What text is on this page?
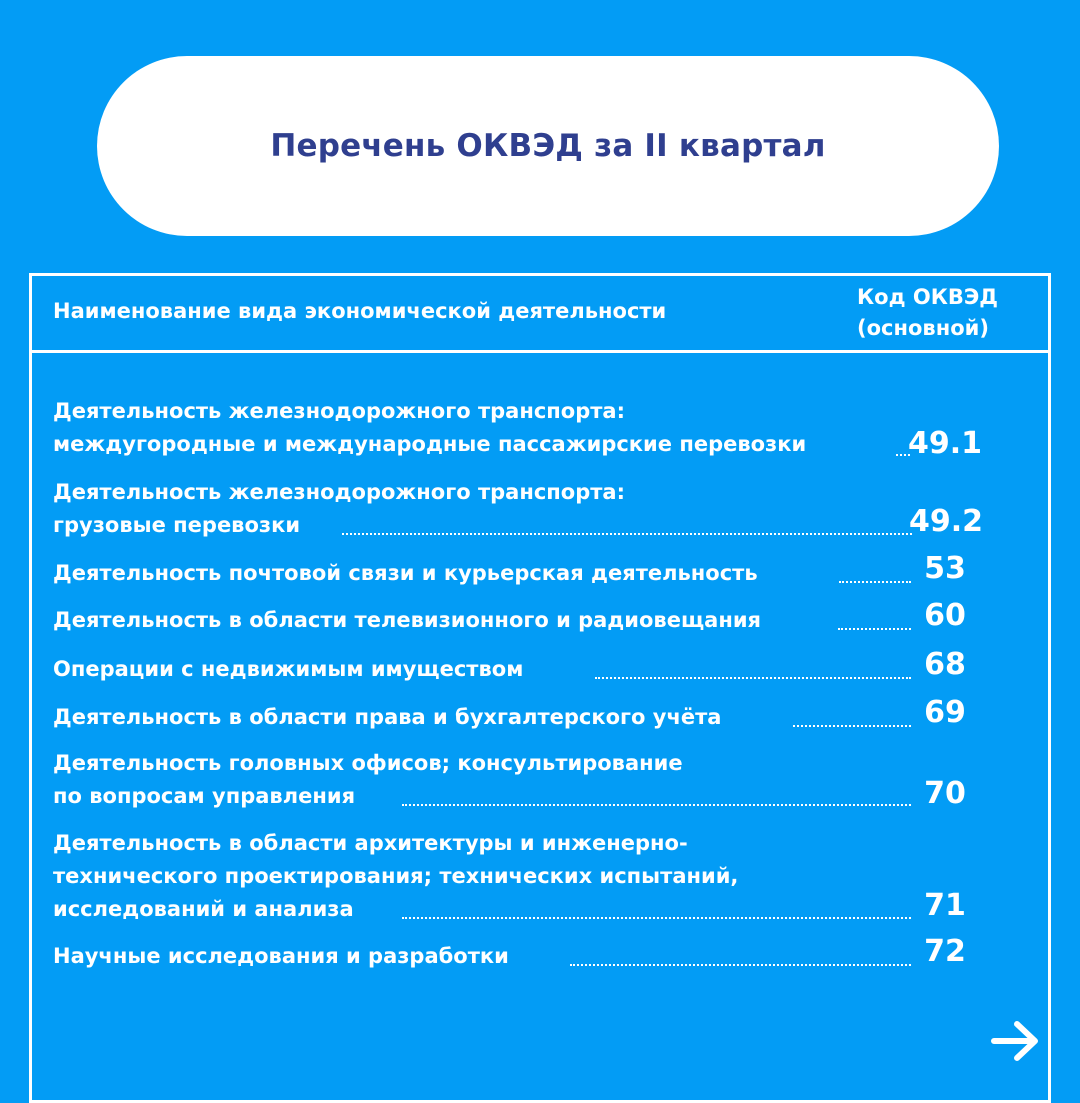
Перечень ОКВЭД за II квартал
Наименование вида экономической деятельности
Код ОКВЭД
(основной)
Деятельность железнодорожного транспорта:
междугородные и международные пассажирские перевозки	49.1
Деятельность железнодорожного транспорта:
грузовые перевозки	49.2
Деятельность почтовой связи и курьерская деятельность	53
Деятельность в области телевизионного и радиовещания	60
Операции с недвижимым имуществом	68
Деятельность в области права и бухгалтерского учёта	69
Деятельность головных офисов; консультирование
по вопросам управления	70
Деятельность в области архитектуры и инженерно-
технического проектирования; технических испытаний,
исследований и анализа	71
Научные исследования и разработки	72
